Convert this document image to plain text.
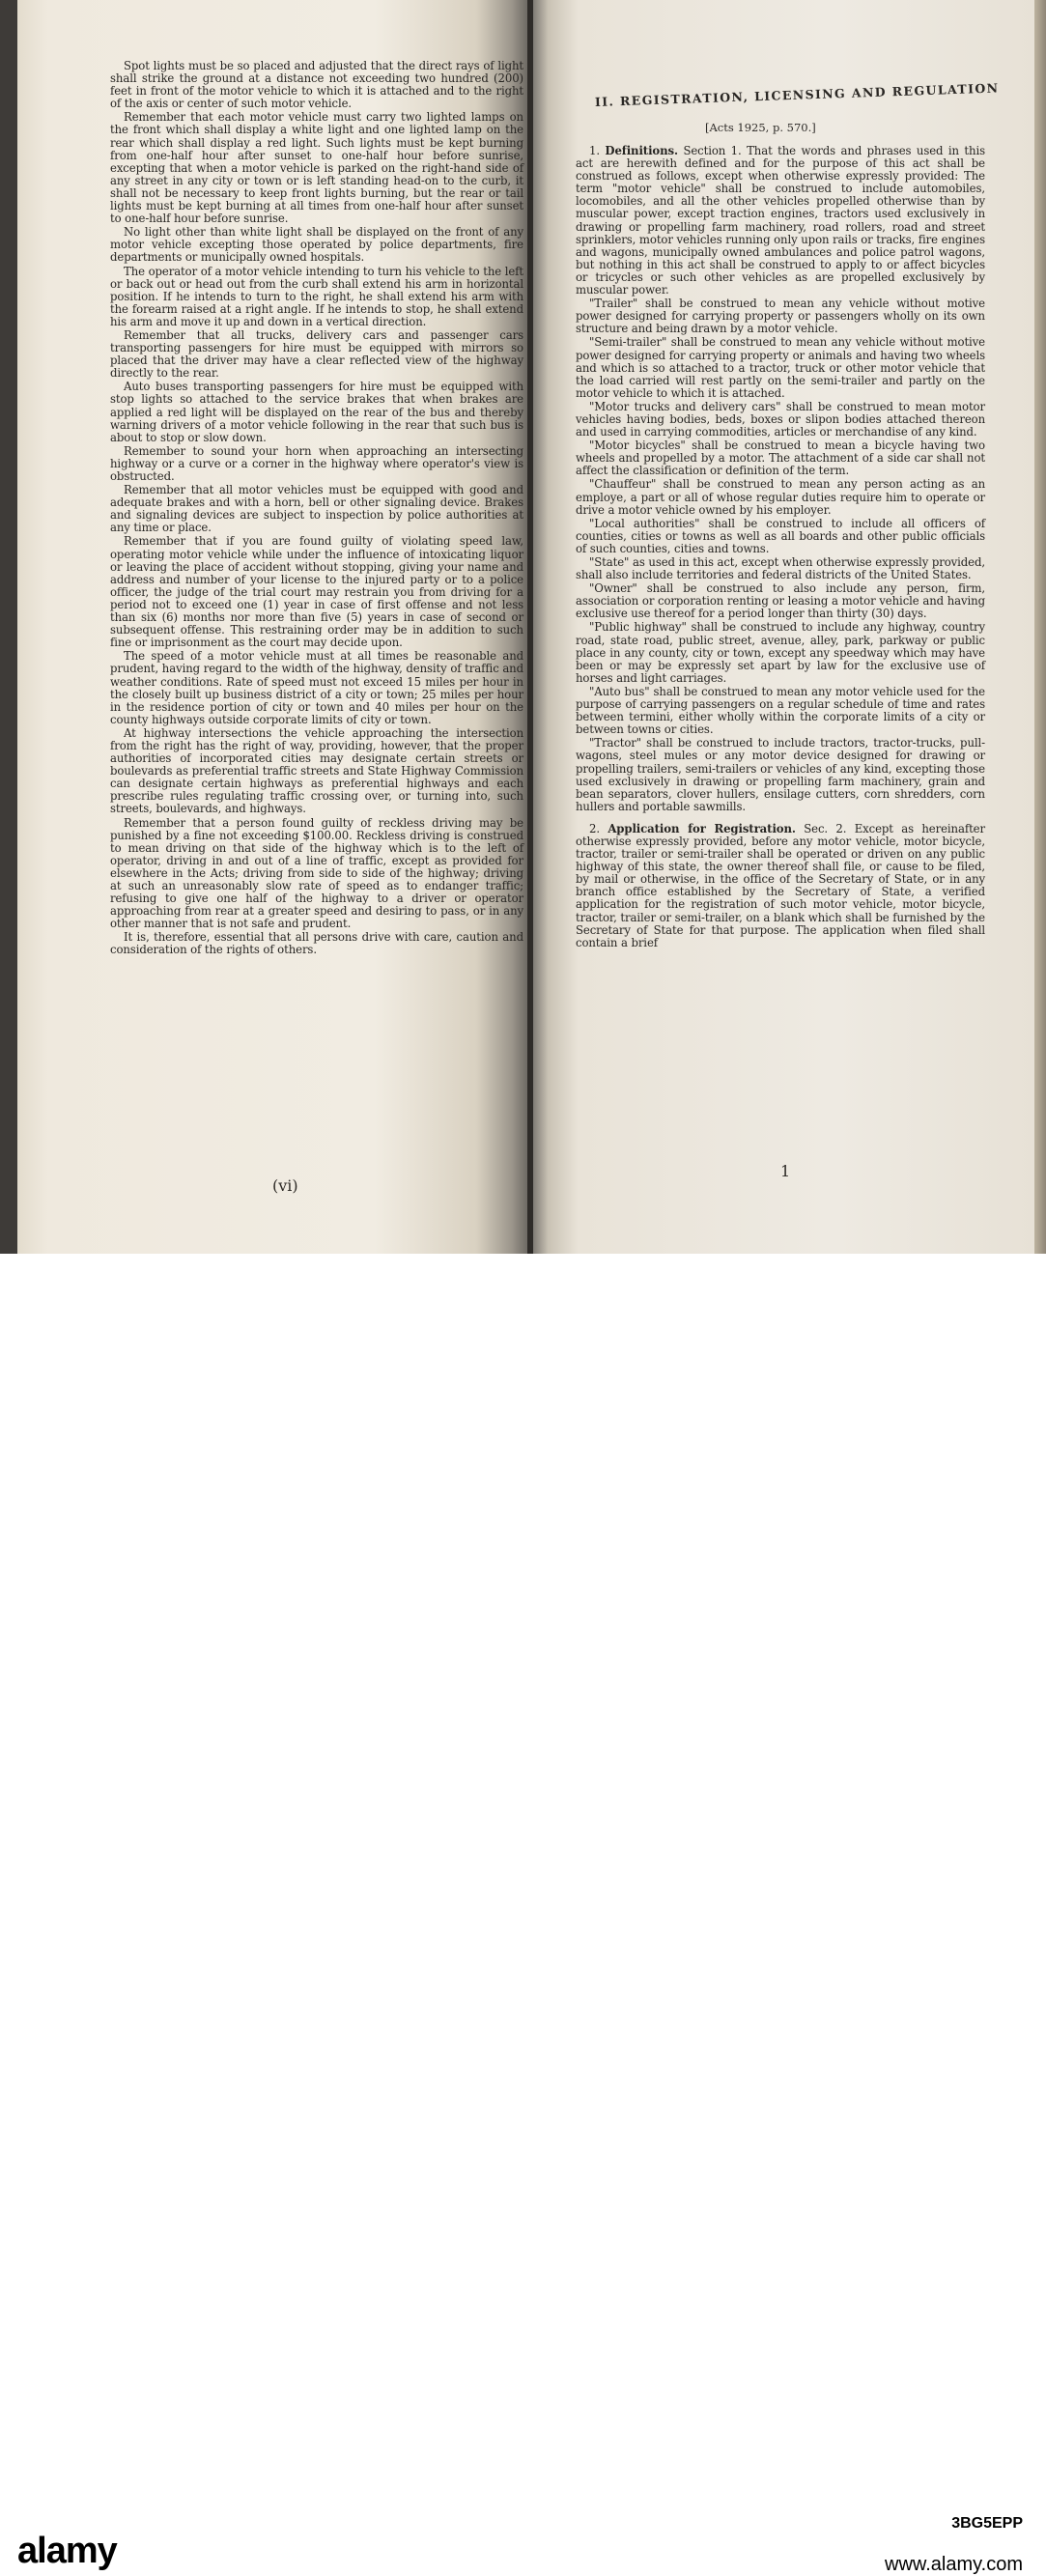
Spot lights must be so placed and adjusted that the direct rays of light shall strike the ground at a distance not exceeding two hundred (200) feet in front of the motor vehicle to which it is attached and to the right of the axis or center of such motor vehicle.

Remember that each motor vehicle must carry two lighted lamps on the front which shall display a white light and one lighted lamp on the rear which shall display a red light. Such lights must be kept burning from one-half hour after sunset to one-half hour before sunrise, excepting that when a motor vehicle is parked on the right-hand side of any street in any city or town or is left standing head-on to the curb, it shall not be necessary to keep front lights burning, but the rear or tail lights must be kept burning at all times from one-half hour after sunset to one-half hour before sunrise.

No light other than white light shall be displayed on the front of any motor vehicle excepting those operated by police departments, fire departments or municipally owned hospitals.

The operator of a motor vehicle intending to turn his vehicle to the left or back out or head out from the curb shall extend his arm in horizontal position. If he intends to turn to the right, he shall extend his arm with the forearm raised at a right angle. If he intends to stop, he shall extend his arm and move it up and down in a vertical direction.

Remember that all trucks, delivery cars and passenger cars transporting passengers for hire must be equipped with mirrors so placed that the driver may have a clear reflected view of the highway directly to the rear.

Auto buses transporting passengers for hire must be equipped with stop lights so attached to the service brakes that when brakes are applied a red light will be displayed on the rear of the bus and thereby warning drivers of a motor vehicle following in the rear that such bus is about to stop or slow down.

Remember to sound your horn when approaching an intersecting highway or a curve or a corner in the highway where operator's view is obstructed.

Remember that all motor vehicles must be equipped with good and adequate brakes and with a horn, bell or other signaling device. Brakes and signaling devices are subject to inspection by police authorities at any time or place.

Remember that if you are found guilty of violating speed law, operating motor vehicle while under the influence of intoxicating liquor or leaving the place of accident without stopping, giving your name and address and number of your license to the injured party or to a police officer, the judge of the trial court may restrain you from driving for a period not to exceed one (1) year in case of first offense and not less than six (6) months nor more than five (5) years in case of second or subsequent offense. This restraining order may be in addition to such fine or imprisonment as the court may decide upon.

The speed of a motor vehicle must at all times be reasonable and prudent, having regard to the width of the highway, density of traffic and weather conditions. Rate of speed must not exceed 15 miles per hour in the closely built up business district of a city or town; 25 miles per hour in the residence portion of city or town and 40 miles per hour on the county highways outside corporate limits of city or town.

At highway intersections the vehicle approaching the intersection from the right has the right of way, providing, however, that the proper authorities of incorporated cities may designate certain streets or boulevards as preferential traffic streets and State Highway Commission can designate certain highways as preferential highways and each prescribe rules regulating traffic crossing over, or turning into, such streets, boulevards, and highways.

Remember that a person found guilty of reckless driving may be punished by a fine not exceeding $100.00. Reckless driving is construed to mean driving on that side of the highway which is to the left of operator, driving in and out of a line of traffic, except as provided for elsewhere in the Acts; driving from side to side of the highway; driving at such an unreasonably slow rate of speed as to endanger traffic; refusing to give one half of the highway to a driver or operator approaching from rear at a greater speed and desiring to pass, or in any other manner that is not safe and prudent.

It is, therefore, essential that all persons drive with care, caution and consideration of the rights of others.

(vi)
II. REGISTRATION, LICENSING AND REGULATION
[Acts 1925, p. 570.]

1. Definitions. Section 1. That the words and phrases used in this act are herewith defined and for the purpose of this act shall be construed as follows, except when otherwise expressly provided: The term "motor vehicle" shall be construed to include automobiles, locomobiles, and all the other vehicles propelled otherwise than by muscular power, except traction engines, tractors used exclusively in drawing or propelling farm machinery, road rollers, road and street sprinklers, motor vehicles running only upon rails or tracks, fire engines and wagons, municipally owned ambulances and police patrol wagons, but nothing in this act shall be construed to apply to or affect bicycles or tricycles or such other vehicles as are propelled exclusively by muscular power.

"Trailer" shall be construed to mean any vehicle without motive power designed for carrying property or passengers wholly on its own structure and being drawn by a motor vehicle.

"Semi-trailer" shall be construed to mean any vehicle without motive power designed for carrying property or animals and having two wheels and which is so attached to a tractor, truck or other motor vehicle that the load carried will rest partly on the semi-trailer and partly on the motor vehicle to which it is attached.

"Motor trucks and delivery cars" shall be construed to mean motor vehicles having bodies, beds, boxes or slipon bodies attached thereon and used in carrying commodities, articles or merchandise of any kind.

"Motor bicycles" shall be construed to mean a bicycle having two wheels and propelled by a motor. The attachment of a side car shall not affect the classification or definition of the term.

"Chauffeur" shall be construed to mean any person acting as an employe, a part or all of whose regular duties require him to operate or drive a motor vehicle owned by his employer.

"Local authorities" shall be construed to include all officers of counties, cities or towns as well as all boards and other public officials of such counties, cities and towns.

"State" as used in this act, except when otherwise expressly provided, shall also include territories and federal districts of the United States.

"Owner" shall be construed to also include any person, firm, association or corporation renting or leasing a motor vehicle and having exclusive use thereof for a period longer than thirty (30) days.

"Public highway" shall be construed to include any highway, country road, state road, public street, avenue, alley, park, parkway or public place in any county, city or town, except any speedway which may have been or may be expressly set apart by law for the exclusive use of horses and light carriages.

"Auto bus" shall be construed to mean any motor vehicle used for the purpose of carrying passengers on a regular schedule of time and rates between termini, either wholly within the corporate limits of a city or between towns or cities.

"Tractor" shall be construed to include tractors, tractor-trucks, pull-wagons, steel mules or any motor device designed for drawing or propelling trailers, semi-trailers or vehicles of any kind, excepting those used exclusively in drawing or propelling farm machinery, grain and bean separators, clover hullers, ensilage cutters, corn shredders, corn hullers and portable sawmills.

2. Application for Registration. Sec. 2. Except as hereinafter otherwise expressly provided, before any motor vehicle, motor bicycle, tractor, trailer or semi-trailer shall be operated or driven on any public highway of this state, the owner thereof shall file, or cause to be filed, by mail or otherwise, in the office of the Secretary of State, or in any branch office established by the Secretary of State, a verified application for the registration of such motor vehicle, motor bicycle, tractor, trailer or semi-trailer, on a blank which shall be furnished by the Secretary of State for that purpose. The application when filed shall contain a brief

1
alamy
3BG5EPP
www.alamy.com
